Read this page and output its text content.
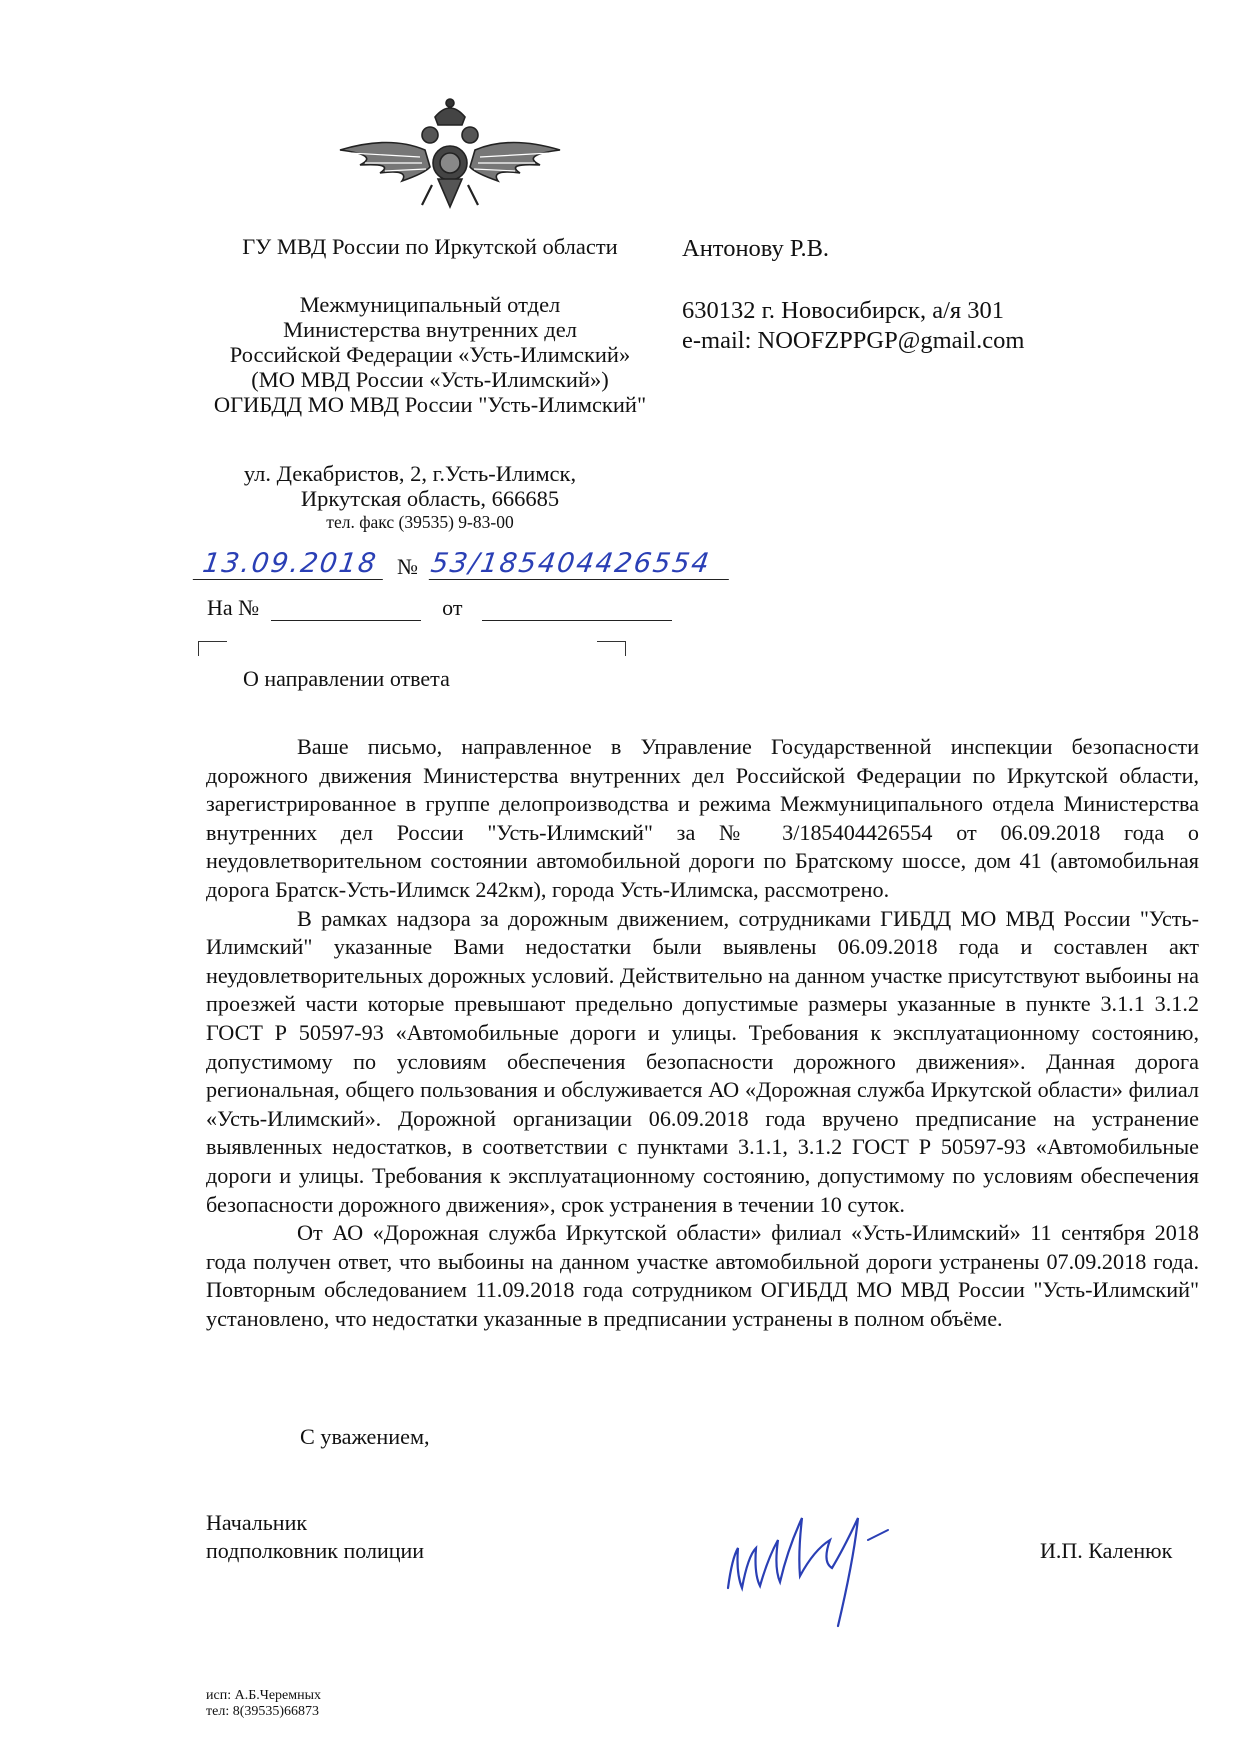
ГУ МВД России по Иркутской области
Межмуниципальный отдел
Министерства внутренних дел
Российской Федерации «Усть-Илимский»
(МО МВД России «Усть-Илимский»)
ОГИБДД МО МВД России "Усть-Илимский"
ул. Декабристов, 2, г.Усть-Илимск,
Иркутская область, 666685
тел. факс (39535) 9-83-00
Антонову Р.В.
630132 г. Новосибирск, а/я 301
e-mail: NOOFZPPGP@gmail.com
13.09.2018 № 53/185404426554
На №	от
О направлении ответа

Ваше письмо, направленное в Управление Государственной инспекции безопасности дорожного движения Министерства внутренних дел Российской Федерации по Иркутской области, зарегистрированное в группе делопроизводства и режима Межмуниципального отдела Министерства внутренних дел России "Усть-Илимский" за № 3/185404426554 от 06.09.2018 года о неудовлетворительном состоянии автомобильной дороги по Братскому шоссе, дом 41 (автомобильная дорога Братск-Усть-Илимск 242км), города Усть-Илимска, рассмотрено.

В рамках надзора за дорожным движением, сотрудниками ГИБДД МО МВД России "Усть-Илимский" указанные Вами недостатки были выявлены 06.09.2018 года и составлен акт неудовлетворительных дорожных условий. Действительно на данном участке присутствуют выбоины на проезжей части которые превышают предельно допустимые размеры указанные в пункте 3.1.1 3.1.2 ГОСТ Р 50597-93 «Автомобильные дороги и улицы. Требования к эксплуатационному состоянию, допустимому по условиям обеспечения безопасности дорожного движения». Данная дорога региональная, общего пользования и обслуживается АО «Дорожная служба Иркутской области» филиал «Усть-Илимский». Дорожной организации 06.09.2018 года вручено предписание на устранение выявленных недостатков, в соответствии с пунктами 3.1.1, 3.1.2 ГОСТ Р 50597-93 «Автомобильные дороги и улицы. Требования к эксплуатационному состоянию, допустимому по условиям обеспечения безопасности дорожного движения», срок устранения в течении 10 суток.

От АО «Дорожная служба Иркутской области» филиал «Усть-Илимский» 11 сентября 2018 года получен ответ, что выбоины на данном участке автомобильной дороги устранены 07.09.2018 года. Повторным обследованием 11.09.2018 года сотрудником ОГИБДД МО МВД России "Усть-Илимский" установлено, что недостатки указанные в предписании устранены в полном объёме.

С уважением,
Начальник
подполковник полиции	И.П. Каленюк
исп: А.Б.Черемных
тел: 8(39535)66873
